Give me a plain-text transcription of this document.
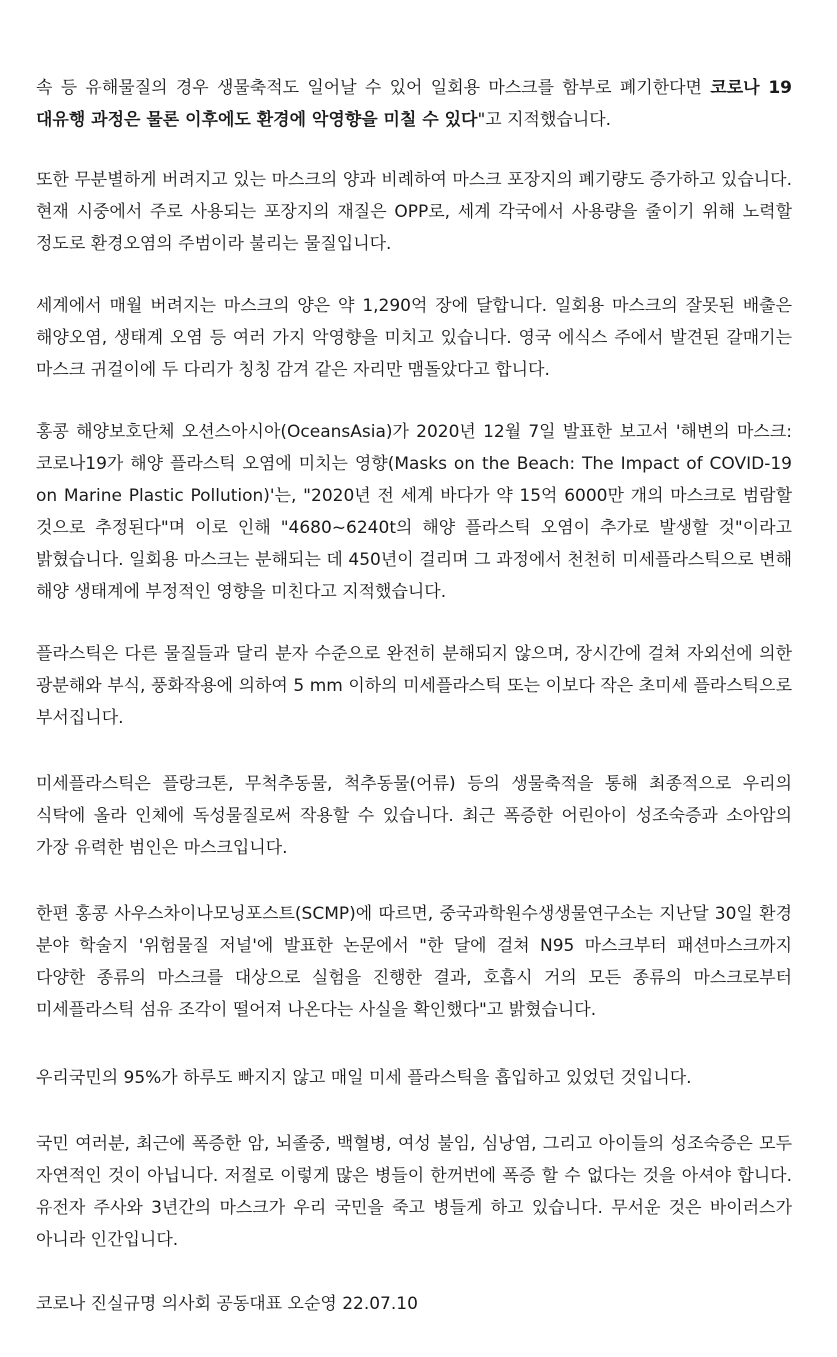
속 등 유해물질의 경우 생물축적도 일어날 수 있어 일회용 마스크를 함부로 폐기한다면 코로나 19 대유행 과정은 물론 이후에도 환경에 악영향을 미칠 수 있다"고 지적했습니다.

또한 무분별하게 버려지고 있는 마스크의 양과 비례하여 마스크 포장지의 폐기량도 증가하고 있습니다. 현재 시중에서 주로 사용되는 포장지의 재질은 OPP로, 세계 각국에서 사용량을 줄이기 위해 노력할 정도로 환경오염의 주범이라 불리는 물질입니다.

세계에서 매월 버려지는 마스크의 양은 약 1,290억 장에 달합니다. 일회용 마스크의 잘못된 배출은 해양오염, 생태계 오염 등 여러 가지 악영향을 미치고 있습니다. 영국 에식스 주에서 발견된 갈매기는 마스크 귀걸이에 두 다리가 칭칭 감겨 같은 자리만 맴돌았다고 합니다.

홍콩 해양보호단체 오션스아시아(OceansAsia)가 2020년 12월 7일 발표한 보고서 '해변의 마스크: 코로나19가 해양 플라스틱 오염에 미치는 영향(Masks on the Beach: The Impact of COVID-19 on Marine Plastic Pollution)'는, "2020년 전 세계 바다가 약 15억 6000만 개의 마스크로 범람할 것으로 추정된다"며 이로 인해 "4680~6240t의 해양 플라스틱 오염이 추가로 발생할 것"이라고 밝혔습니다. 일회용 마스크는 분해되는 데 450년이 걸리며 그 과정에서 천천히 미세플라스틱으로 변해 해양 생태계에 부정적인 영향을 미친다고 지적했습니다.

플라스틱은 다른 물질들과 달리 분자 수준으로 완전히 분해되지 않으며, 장시간에 걸쳐 자외선에 의한 광분해와 부식, 풍화작용에 의하여 5 mm 이하의 미세플라스틱 또는 이보다 작은 초미세 플라스틱으로 부서집니다.

미세플라스틱은 플랑크톤, 무척추동물, 척추동물(어류) 등의 생물축적을 통해 최종적으로 우리의 식탁에 올라 인체에 독성물질로써 작용할 수 있습니다. 최근 폭증한 어린아이 성조숙증과 소아암의 가장 유력한 범인은 마스크입니다.

한편 홍콩 사우스차이나모닝포스트(SCMP)에 따르면, 중국과학원수생생물연구소는 지난달 30일 환경 분야 학술지 '위험물질 저널'에 발표한 논문에서 "한 달에 걸쳐 N95 마스크부터 패션마스크까지 다양한 종류의 마스크를 대상으로 실험을 진행한 결과, 호흡시 거의 모든 종류의 마스크로부터 미세플라스틱 섬유 조각이 떨어져 나온다는 사실을 확인했다"고 밝혔습니다.

우리국민의 95%가 하루도 빠지지 않고 매일 미세 플라스틱을 흡입하고 있었던 것입니다.

국민 여러분, 최근에 폭증한 암, 뇌졸중, 백혈병, 여성 불임, 심낭염, 그리고 아이들의 성조숙증은 모두 자연적인 것이 아닙니다. 저절로 이렇게 많은 병들이 한꺼번에 폭증 할 수 없다는 것을 아셔야 합니다. 유전자 주사와 3년간의 마스크가 우리 국민을 죽고 병들게 하고 있습니다. 무서운 것은 바이러스가 아니라 인간입니다.

코로나 진실규명 의사회 공동대표 오순영 22.07.10
